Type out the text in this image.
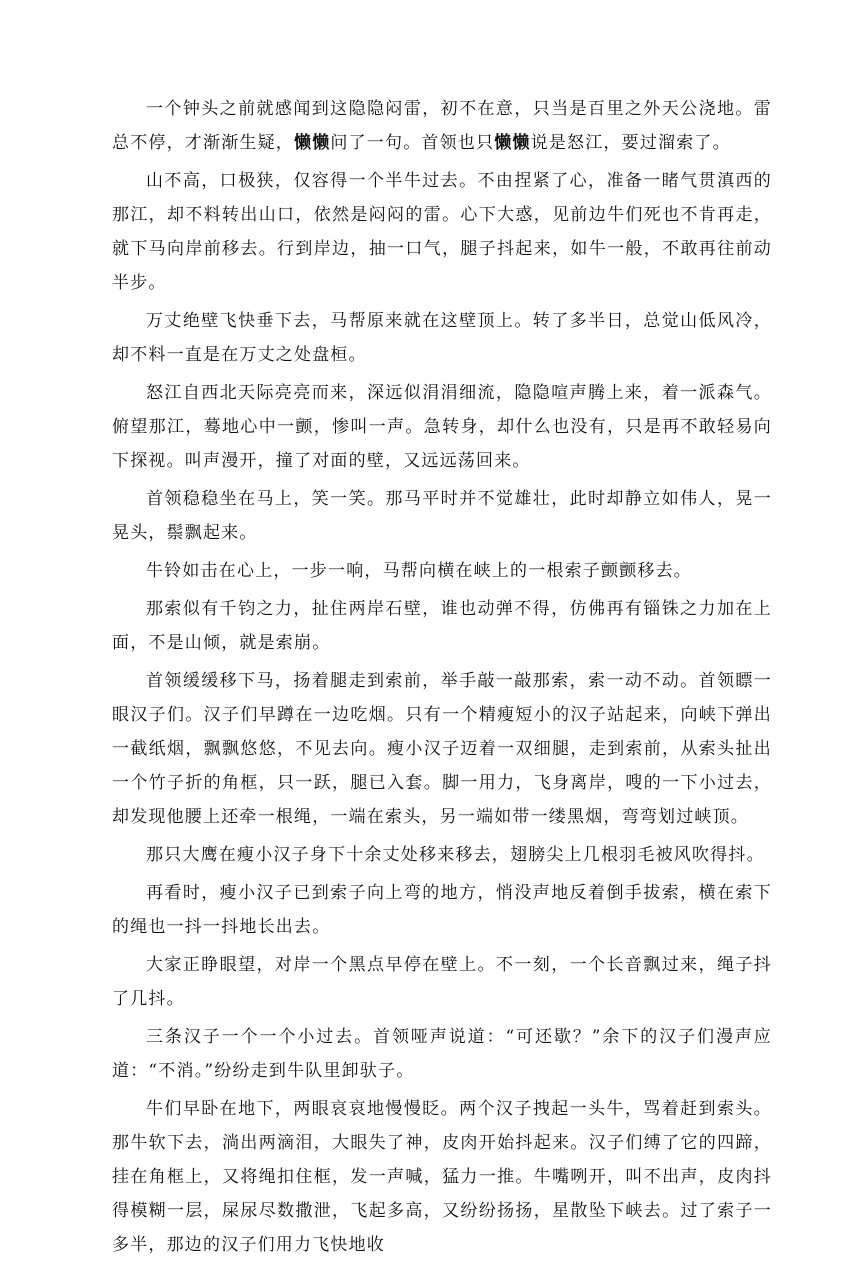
一个钟头之前就感闻到这隐隐闷雷，初不在意，只当是百里之外天公浇地。雷总不停，才渐渐生疑，懒懒问了一句。首领也只懒懒说是怒江，要过溜索了。

山不高，口极狭，仅容得一个半牛过去。不由捏紧了心，准备一睹气贯滇西的那江，却不料转出山口，依然是闷闷的雷。心下大惑，见前边牛们死也不肯再走，就下马向岸前移去。行到岸边，抽一口气，腿子抖起来，如牛一般，不敢再往前动半步。

万丈绝壁飞快垂下去，马帮原来就在这壁顶上。转了多半日，总觉山低风冷，却不料一直是在万丈之处盘桓。

怒江自西北天际亮亮而来，深远似涓涓细流，隐隐喧声腾上来，着一派森气。俯望那江，蓦地心中一颤，惨叫一声。急转身，却什么也没有，只是再不敢轻易向下探视。叫声漫开，撞了对面的壁，又远远荡回来。

首领稳稳坐在马上，笑一笑。那马平时并不觉雄壮，此时却静立如伟人，晃一晃头，鬃飘起来。

牛铃如击在心上，一步一响，马帮向横在峡上的一根索子颤颤移去。

那索似有千钧之力，扯住两岸石壁，谁也动弹不得，仿佛再有锱铢之力加在上面，不是山倾，就是索崩。

首领缓缓移下马，扬着腿走到索前，举手敲一敲那索，索一动不动。首领瞟一眼汉子们。汉子们早蹲在一边吃烟。只有一个精瘦短小的汉子站起来，向峡下弹出一截纸烟，飘飘悠悠，不见去向。瘦小汉子迈着一双细腿，走到索前，从索头扯出一个竹子折的角框，只一跃，腿已入套。脚一用力，飞身离岸，嗖的一下小过去，却发现他腰上还牵一根绳，一端在索头，另一端如带一缕黑烟，弯弯划过峡顶。

那只大鹰在瘦小汉子身下十余丈处移来移去，翅膀尖上几根羽毛被风吹得抖。

再看时，瘦小汉子已到索子向上弯的地方，悄没声地反着倒手拔索，横在索下的绳也一抖一抖地长出去。

大家正睁眼望，对岸一个黑点早停在壁上。不一刻，一个长音飘过来，绳子抖了几抖。

三条汉子一个一个小过去。首领哑声说道：“可还歇？”余下的汉子们漫声应道：“不消。”纷纷走到牛队里卸驮子。

牛们早卧在地下，两眼哀哀地慢慢眨。两个汉子拽起一头牛，骂着赶到索头。那牛软下去，淌出两滴泪，大眼失了神，皮肉开始抖起来。汉子们缚了它的四蹄，挂在角框上，又将绳扣住框，发一声喊，猛力一推。牛嘴咧开，叫不出声，皮肉抖得模糊一层，屎尿尽数撒泄，飞起多高，又纷纷扬扬，星散坠下峡去。过了索子一多半，那边的汉子们用力飞快地收
